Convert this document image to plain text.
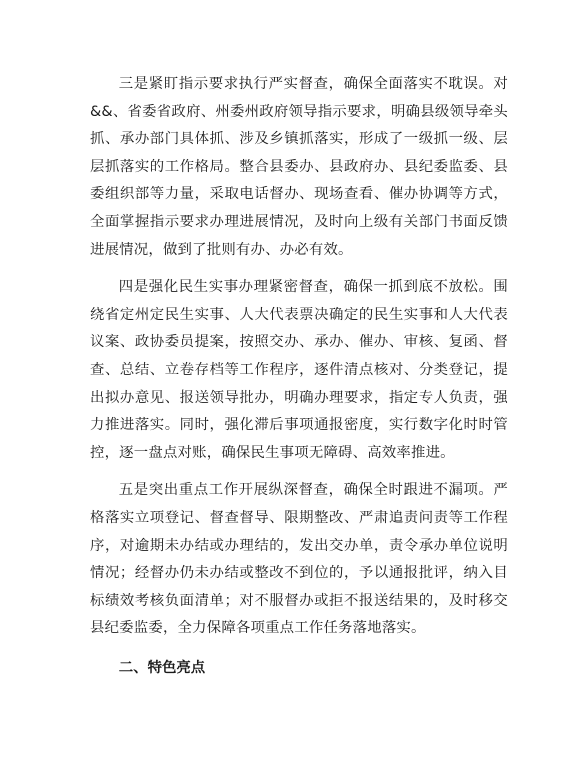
三是紧盯指示要求执行严实督查，确保全面落实不耽误。对&&、省委省政府、州委州政府领导指示要求，明确县级领导牵头抓、承办部门具体抓、涉及乡镇抓落实，形成了一级抓一级、层层抓落实的工作格局。整合县委办、县政府办、县纪委监委、县委组织部等力量，采取电话督办、现场查看、催办协调等方式，全面掌握指示要求办理进展情况，及时向上级有关部门书面反馈进展情况，做到了批则有办、办必有效。

四是强化民生实事办理紧密督查，确保一抓到底不放松。围绕省定州定民生实事、人大代表票决确定的民生实事和人大代表议案、政协委员提案，按照交办、承办、催办、审核、复函、督查、总结、立卷存档等工作程序，逐件清点核对、分类登记，提出拟办意见、报送领导批办，明确办理要求，指定专人负责，强力推进落实。同时，强化滞后事项通报密度，实行数字化时时管控，逐一盘点对账，确保民生事项无障碍、高效率推进。

五是突出重点工作开展纵深督查，确保全时跟进不漏项。严格落实立项登记、督查督导、限期整改、严肃追责问责等工作程序，对逾期未办结或办理结的，发出交办单，责令承办单位说明情况；经督办仍未办结或整改不到位的，予以通报批评，纳入目标绩效考核负面清单；对不服督办或拒不报送结果的，及时移交县纪委监委，全力保障各项重点工作任务落地落实。

二、特色亮点
